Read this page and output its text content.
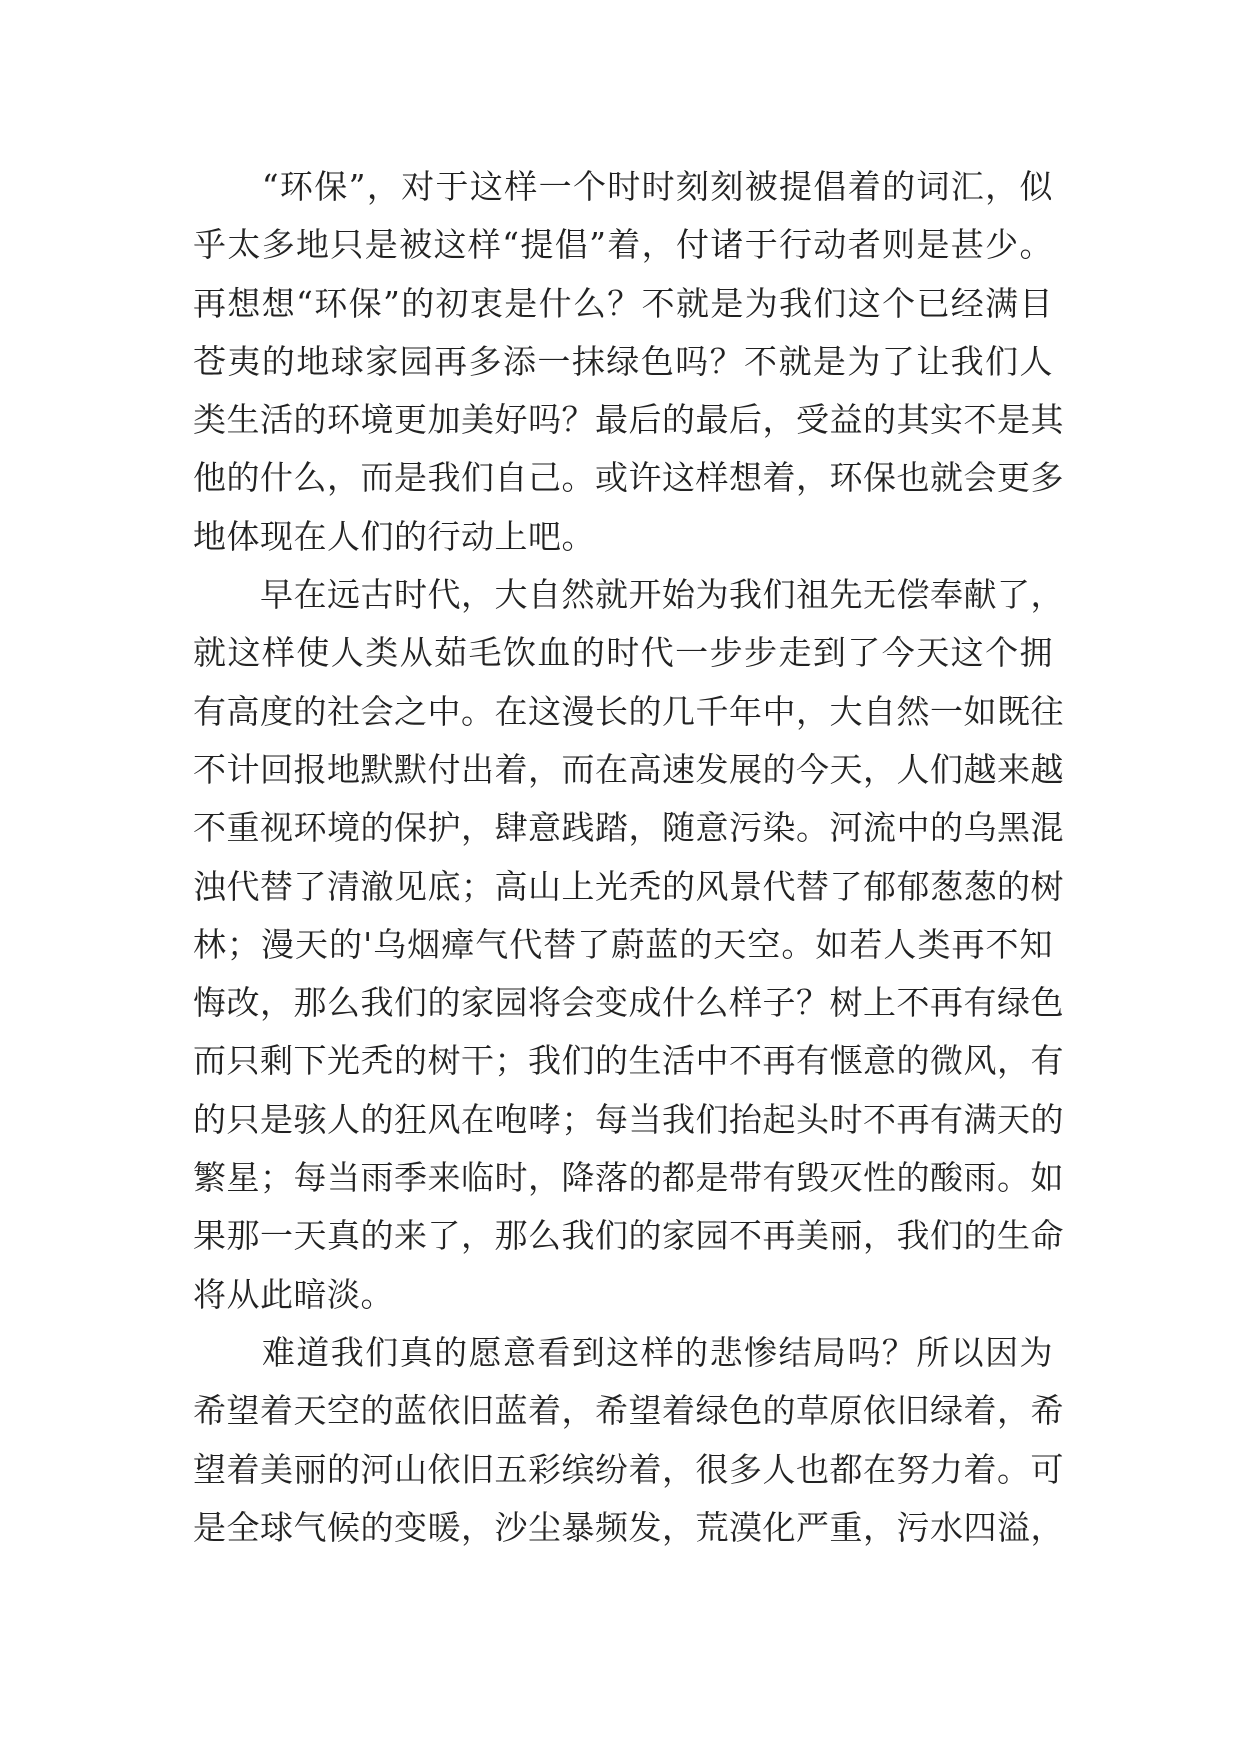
　　“环保”，对于这样一个时时刻刻被提倡着的词汇，似
乎太多地只是被这样“提倡”着，付诸于行动者则是甚少。
再想想“环保”的初衷是什么？不就是为我们这个已经满目
苍夷的地球家园再多添一抹绿色吗？不就是为了让我们人
类生活的环境更加美好吗？最后的最后，受益的其实不是其
他的什么，而是我们自己。或许这样想着，环保也就会更多
地体现在人们的行动上吧。

　　早在远古时代，大自然就开始为我们祖先无偿奉献了，
就这样使人类从茹毛饮血的时代一步步走到了今天这个拥
有高度的社会之中。在这漫长的几千年中，大自然一如既往
不计回报地默默付出着，而在高速发展的今天，人们越来越
不重视环境的保护，肆意践踏，随意污染。河流中的乌黑混
浊代替了清澈见底；高山上光秃的风景代替了郁郁葱葱的树
林；漫天的'乌烟瘴气代替了蔚蓝的天空。如若人类再不知
悔改，那么我们的家园将会变成什么样子？树上不再有绿色
而只剩下光秃的树干；我们的生活中不再有惬意的微风，有
的只是骇人的狂风在咆哮；每当我们抬起头时不再有满天的
繁星；每当雨季来临时，降落的都是带有毁灭性的酸雨。如
果那一天真的来了，那么我们的家园不再美丽，我们的生命
将从此暗淡。

　　难道我们真的愿意看到这样的悲惨结局吗？所以因为
希望着天空的蓝依旧蓝着，希望着绿色的草原依旧绿着，希
望着美丽的河山依旧五彩缤纷着，很多人也都在努力着。可
是全球气候的变暖，沙尘暴频发，荒漠化严重，污水四溢，
